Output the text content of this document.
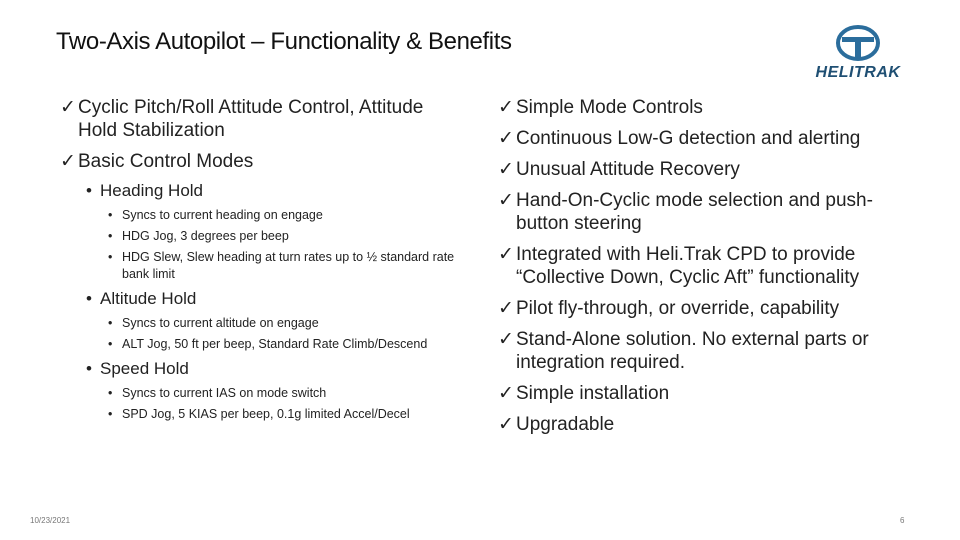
Two-Axis Autopilot – Functionality & Benefits
HELITRAK
✓ Cyclic Pitch/Roll Attitude Control, Attitude Hold Stabilization
✓ Basic Control Modes
• Heading Hold
• Syncs to current heading on engage
• HDG Jog, 3 degrees per beep
• HDG Slew, Slew heading at turn rates up to ½ standard rate bank limit
• Altitude Hold
• Syncs to current altitude on engage
• ALT Jog, 50 ft per beep, Standard Rate Climb/Descend
• Speed Hold
• Syncs to current IAS on mode switch
• SPD Jog, 5 KIAS per beep, 0.1g limited Accel/Decel
✓ Simple Mode Controls
✓ Continuous Low-G detection and alerting
✓ Unusual Attitude Recovery
✓ Hand-On-Cyclic mode selection and push-button steering
✓ Integrated with Heli.Trak CPD to provide “Collective Down, Cyclic Aft” functionality
✓ Pilot fly-through, or override, capability
✓ Stand-Alone solution. No external parts or integration required.
✓ Simple installation
✓ Upgradable
10/23/2021	6
